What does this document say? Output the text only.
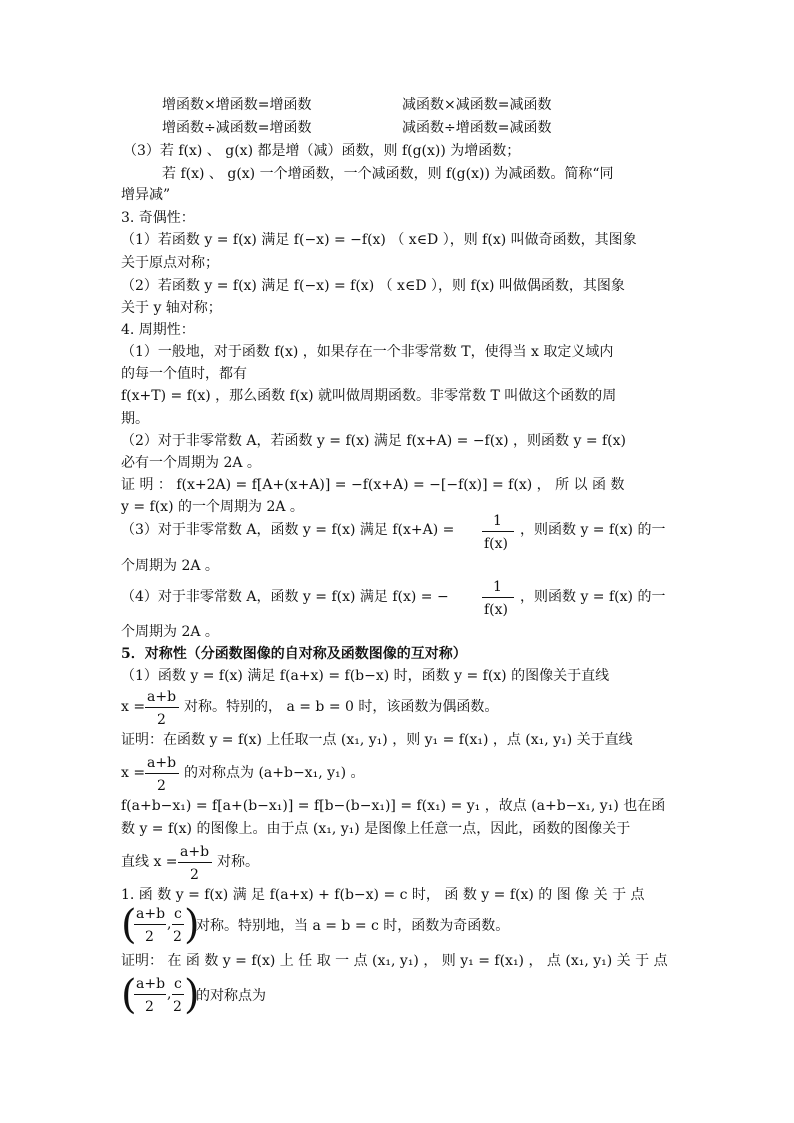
增函数×增函数=增函数	减函数×减函数=减函数
增函数÷减函数=增函数	减函数÷增函数=减函数
（3）若 f(x) 、 g(x) 都是增（减）函数，则 f(g(x)) 为增函数；
若 f(x) 、 g(x) 一个增函数，一个减函数，则 f(g(x)) 为减函数。简称“同
增异减”
3. 奇偶性：
（1）若函数 y = f(x) 满足 f(−x) = −f(x) （ x∈D ），则 f(x) 叫做奇函数，其图象
关于原点对称；
（2）若函数 y = f(x) 满足 f(−x) = f(x) （ x∈D ），则 f(x) 叫做偶函数，其图象
关于 y 轴对称；
4. 周期性：
（1）一般地，对于函数 f(x) ，如果存在一个非零常数 T，使得当 x 取定义域内
的每一个值时，都有
f(x+T) = f(x) ，那么函数 f(x) 就叫做周期函数。非零常数 T 叫做这个函数的周
期。
（2）对于非零常数 A，若函数 y = f(x) 满足 f(x+A) = −f(x) ，则函数 y = f(x)
必有一个周期为 2A 。
证 明 ： f(x+2A) = f[A+(x+A)] = −f(x+A) = −[−f(x)] = f(x) ， 所 以 函 数
y = f(x) 的一个周期为 2A 。
（3）对于非零常数 A，函数 y = f(x) 满足 f(x+A) =
1
f(x)
，则函数 y = f(x) 的一
个周期为 2A 。
（4）对于非零常数 A，函数 y = f(x) 满足 f(x) = −
1
f(x)
，则函数 y = f(x) 的一
个周期为 2A 。
5．对称性（分函数图像的自对称及函数图像的互对称）
（1）函数 y = f(x) 满足 f(a+x) = f(b−x) 时，函数 y = f(x) 的图像关于直线
x =
a+b
2
对称。特别的， a = b = 0 时，该函数为偶函数。
证明：在函数 y = f(x) 上任取一点 (x₁, y₁) ，则 y₁ = f(x₁) ，点 (x₁, y₁) 关于直线
x =
a+b
2
的对称点为 (a+b−x₁, y₁) 。
f(a+b−x₁) = f[a+(b−x₁)] = f[b−(b−x₁)] = f(x₁) = y₁ ，故点 (a+b−x₁, y₁) 也在函
数 y = f(x) 的图像上。由于点 (x₁, y₁) 是图像上任意一点，因此，函数的图像关于
直线 x =
a+b
2
对称。
1. 函 数 y = f(x) 满 足 f(a+x) + f(b−x) = c 时， 函 数 y = f(x) 的 图 像 关 于 点
( a+b
2
,
c
2 )
对称。特别地，当 a = b = c 时，函数为奇函数。
证明： 在 函 数 y = f(x) 上 任 取 一 点 (x₁, y₁) ， 则 y₁ = f(x₁) ， 点 (x₁, y₁) 关 于 点
( a+b
2
,
c
2 )
的对称点为
